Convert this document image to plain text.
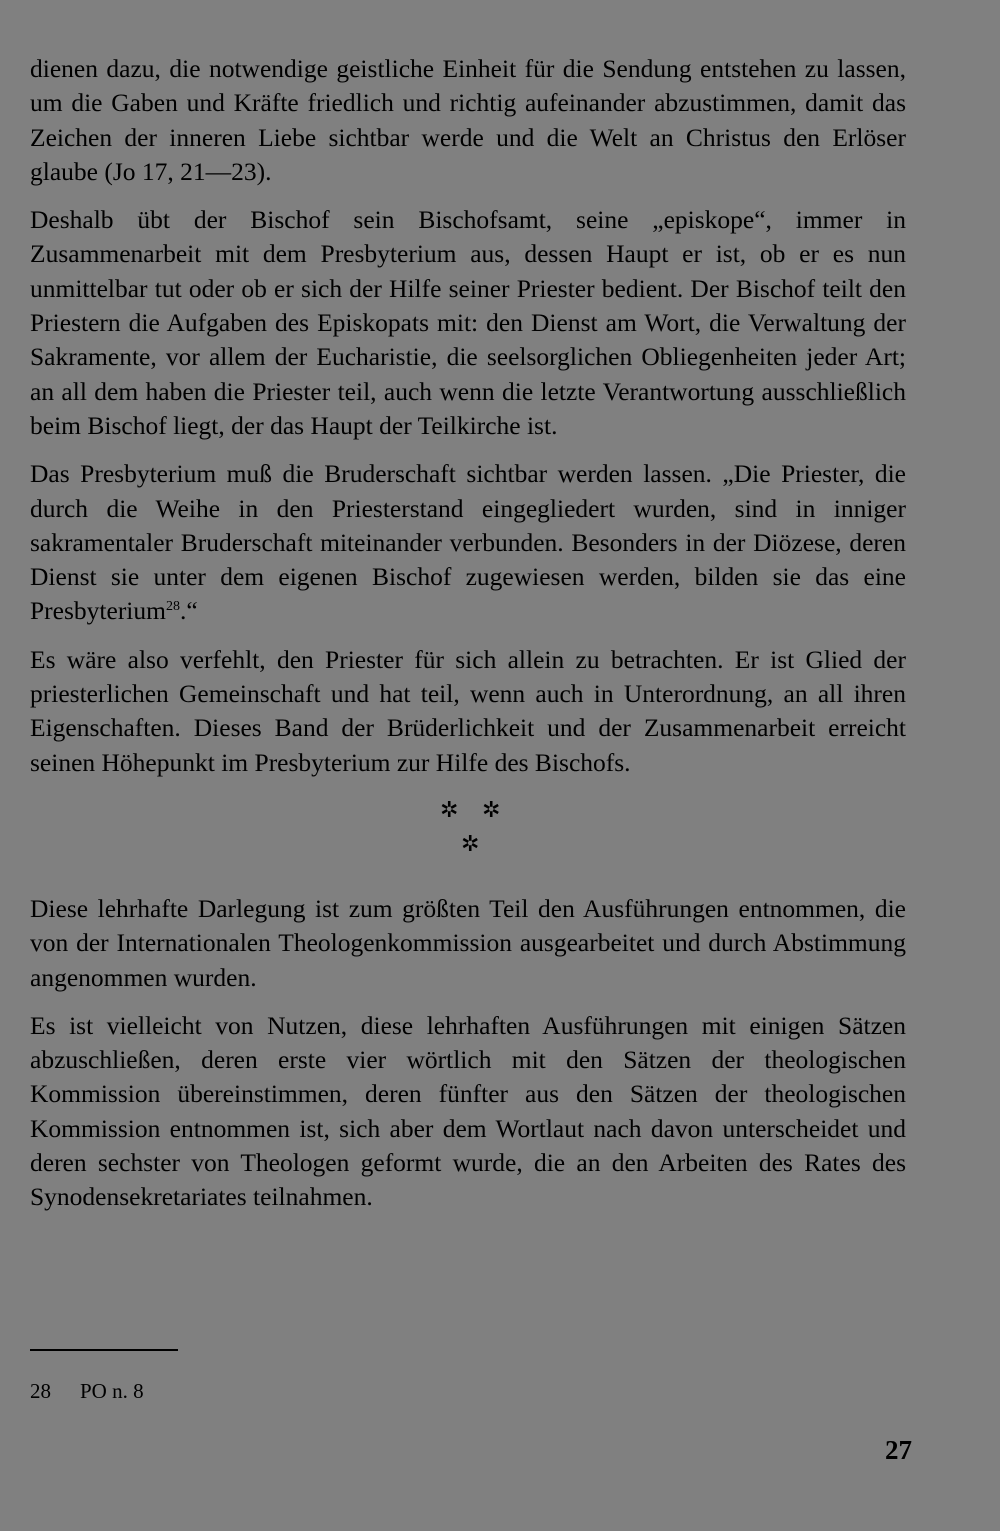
dienen dazu, die notwendige geistliche Einheit für die Sendung entstehen zu lassen, um die Gaben und Kräfte friedlich und richtig aufeinander abzustimmen, damit das Zeichen der inneren Liebe sichtbar werde und die Welt an Christus den Erlöser glaube (Jo 17, 21—23).

Deshalb übt der Bischof sein Bischofsamt, seine „episkope“, immer in Zusammenarbeit mit dem Presbyterium aus, dessen Haupt er ist, ob er es nun unmittelbar tut oder ob er sich der Hilfe seiner Priester bedient. Der Bischof teilt den Priestern die Aufgaben des Episkopats mit: den Dienst am Wort, die Verwaltung der Sakramente, vor allem der Eucharistie, die seelsorglichen Obliegenheiten jeder Art; an all dem haben die Priester teil, auch wenn die letzte Verantwortung ausschließlich beim Bischof liegt, der das Haupt der Teilkirche ist.

Das Presbyterium muß die Bruderschaft sichtbar werden lassen. „Die Priester, die durch die Weihe in den Priesterstand eingegliedert wurden, sind in inniger sakramentaler Bruderschaft miteinander verbunden. Besonders in der Diözese, deren Dienst sie unter dem eigenen Bischof zugewiesen werden, bilden sie das eine Presbyterium$^{28}$.“

Es wäre also verfehlt, den Priester für sich allein zu betrachten. Er ist Glied der priesterlichen Gemeinschaft und hat teil, wenn auch in Unterordnung, an all ihren Eigenschaften. Dieses Band der Brüderlichkeit und der Zusammenarbeit erreicht seinen Höhepunkt im Presbyterium zur Hilfe des Bischofs.

✲ ✲
✲

Diese lehrhafte Darlegung ist zum größten Teil den Ausführungen entnommen, die von der Internationalen Theologenkommission ausgearbeitet und durch Abstimmung angenommen wurden.

Es ist vielleicht von Nutzen, diese lehrhaften Ausführungen mit einigen Sätzen abzuschließen, deren erste vier wörtlich mit den Sätzen der theologischen Kommission übereinstimmen, deren fünfter aus den Sätzen der theologischen Kommission entnommen ist, sich aber dem Wortlaut nach davon unterscheidet und deren sechster von Theologen geformt wurde, die an den Arbeiten des Rates des Synodensekretariates teilnahmen.

28 PO n. 8
27
